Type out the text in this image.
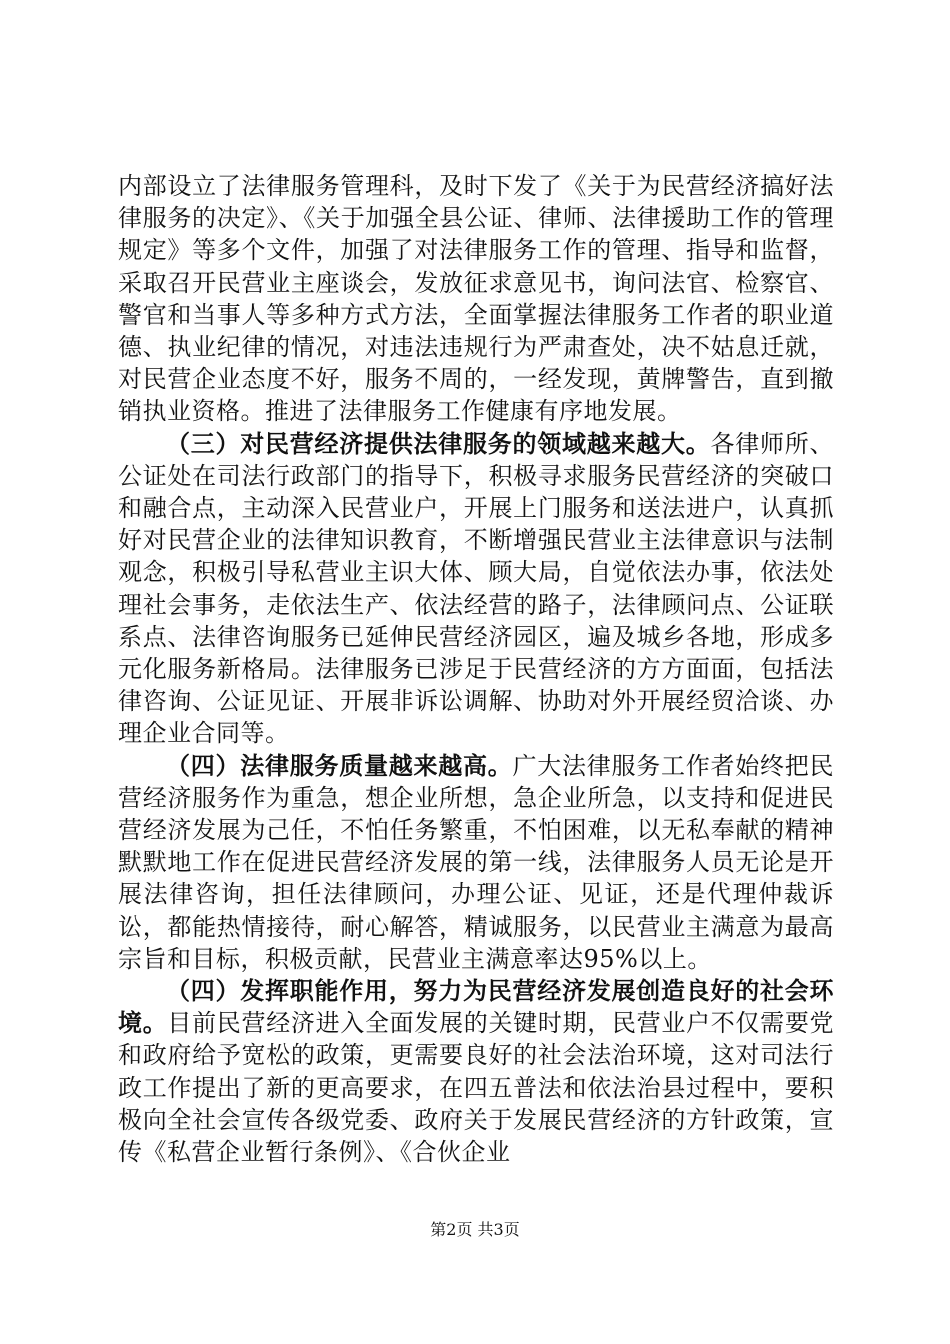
内部设立了法律服务管理科，及时下发了《关于为民营经济搞好法律服务的决定》、《关于加强全县公证、律师、法律援助工作的管理规定》等多个文件，加强了对法律服务工作的管理、指导和监督，采取召开民营业主座谈会，发放征求意见书，询问法官、检察官、警官和当事人等多种方式方法，全面掌握法律服务工作者的职业道德、执业纪律的情况，对违法违规行为严肃查处，决不姑息迁就，对民营企业态度不好，服务不周的，一经发现，黄牌警告，直到撤销执业资格。推进了法律服务工作健康有序地发展。

（三）对民营经济提供法律服务的领域越来越大。各律师所、公证处在司法行政部门的指导下，积极寻求服务民营经济的突破口和融合点，主动深入民营业户，开展上门服务和送法进户，认真抓好对民营企业的法律知识教育，不断增强民营业主法律意识与法制观念，积极引导私营业主识大体、顾大局，自觉依法办事，依法处理社会事务，走依法生产、依法经营的路子，法律顾问点、公证联系点、法律咨询服务已延伸民营经济园区，遍及城乡各地，形成多元化服务新格局。法律服务已涉足于民营经济的方方面面，包括法律咨询、公证见证、开展非诉讼调解、协助对外开展经贸洽谈、办理企业合同等。

（四）法律服务质量越来越高。广大法律服务工作者始终把民营经济服务作为重急，想企业所想，急企业所急，以支持和促进民营经济发展为己任，不怕任务繁重，不怕困难，以无私奉献的精神默默地工作在促进民营经济发展的第一线，法律服务人员无论是开展法律咨询，担任法律顾问，办理公证、见证，还是代理仲裁诉讼，都能热情接待，耐心解答，精诚服务，以民营业主满意为最高宗旨和目标，积极贡献，民营业主满意率达95%以上。

（四）发挥职能作用，努力为民营经济发展创造良好的社会环境。目前民营经济进入全面发展的关键时期，民营业户不仅需要党和政府给予宽松的政策，更需要良好的社会法治环境，这对司法行政工作提出了新的更高要求，在四五普法和依法治县过程中，要积极向全社会宣传各级党委、政府关于发展民营经济的方针政策，宣传《私营企业暂行条例》、《合伙企业

第2页 共3页
